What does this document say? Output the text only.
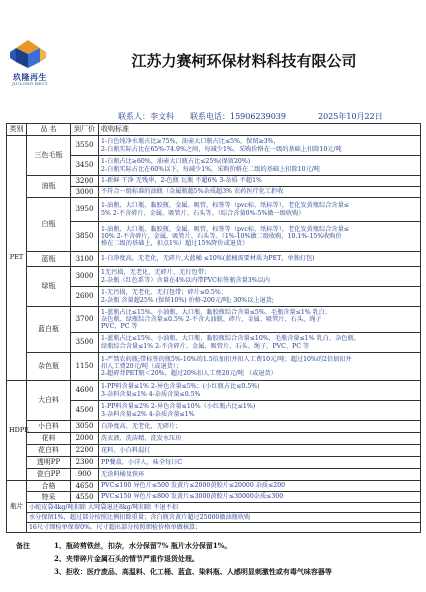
玖隆再生
JIULONG RECY
江苏力赛柯环保材料科技有限公司
联系人：李文科 联系电话：15906239039	2025年10月22日
类别	品 名	到厂价	收购标准
PET	三色毛瓶	3550	1-白色纯净水瓶占比≥75%，油壶大口瓶占比≤5%，保留≥3%，
2-白瓶实际占比在65%-74.9%之间，每减少1%，采购价格在一级的基础上扣除10元/吨

		3450	1-白瓶占比≥60%，油壶大口瓶占比≤25%(保留20%)
2-白瓶实际占比在60%以下，每减少1%，采购价格在二级的基础上扣除10元/吨

	油瓶	3200	1-新鲜 干净 无残串，2-色瓶 瓦瓶 不超6% 3-杂质 不超1%

		3000	不符合一级标准的油瓶（金属瓶超5%杂质超3% 农药医疗化工拒收

	白瓶	3950	1-油瓶、大口瓶、黏胶瓶、金属、吸管、标签等（pvc标、纸标等），老化发黄瓶综合含量≤
5% 2-不含碎片、金属、吸管片、石头等。（综合含量0%-5%做一级收购）

		3850	1-油瓶、大口瓶、黏胶瓶、金属、吸管、标签等（pvc标、纸标等），老化发黄瓶综合含量≤
10% 2-不含碎片、金属、吸管片、石头等。（1%-10%做二级收购，10.1%-15%收购价
格在二级的基础上，扣点1%）超过15%降价或退货）

	蓝瓶	3100	1-白净度高，无老化，无碎片,大蓝桶 ≤10%(蓝桶需要材质为PET，单独打包)

	绿瓶	3000	1无污损，无老化，无碎片，无打包带；
2-杂瓶（红色系等）含量在4%以内带PVC标签瓶含量3%以内

		2600	1-无污损，无老化、无打包带；碎片≤0.5%；
2-杂瓶 含量超25% (保留10%) 价格-200元/吨; 30%以上退货;

	蓝白瓶	3700	1-蓝瓶占比≤15%、小油瓶、大口瓶、黏胶瓶综合含量≤5%、毛瓶含量≤1% 乳白、
杂色瓶、绿瓶综合含量≤0.5% 2-不含大油瓶、碎片、金属、吸管片、石头、绳子
PVC、PC 等

		3500	1-蓝瓶占比≤15%、小油瓶、大口瓶、黏胶瓶综合含量≤10%，毛瓶含量≤1% 乳白、杂色瓶、
绿瓶综合含量≤1% 2-不含碎片、金属、吸管片、石头、绳子、PVC、PC 等

	杂色瓶	1150	1-严禁农药瓶;带标签的瓶5%-10%的1.5倍加扣并扣人工费10元/吨；超过10%的2倍加扣并
扣人工费20元/吨（或退货）；
2-超碎背PET瓶＜20%，超过20%扣人工费20元/吨 （或退货）

HDPE	大白料	4600	1-PP料含量≤1% 2-异色含量≤5%；(小红瓶占比≤0.5%)
3-杂料含量≤1% 4-杂质含量≤0.5%

		4500	1-PP料含量≤2% 2-异色含量≤10%（小红瓶占比≤1%)
3-杂料含量≤2% 4-杂质含量≤1%

	小白料	3050	白净度高，无老化，无碎片；
	花料	2000	洗衣液、洗洁精、洗发水压块
	花白料	2200	花料、小白料混打
	透明PP	2300	PP餐盒，小洋人，味全每日C
	瓷白PP	900	无涂料桶及铁环
瓶片	合格	4650	PVC≤100 异色片≤500 发黄片≤2000黄胶片≤20000 杂质≤200
	特采	4550	PVC≤150 异色片≤800 发黄片≤3000黄胶片≤30000杂质≤300
	小蛇皮袋4kg/吨扣除 大吨袋退还8kg/吨扣除 不退不扣		
	水分保留1%，超过部分按照比例扣除重量；含白瓶含黄片超过25000做油瓶收购		
	16尺寸细检单保留0%。尺寸超出部分按照细检价格单做核算；		
备注	1、瓶砖剪铁丝，扣杂，水分保留7% 瓶片水分保留1%。
2、夹带碎片金属石头的情节严重作退货处理。
3、拒收：医疗废品、高温料、化工桶、蓝盒、染料瓶、人感明显刺激性或有毒气味容器等
